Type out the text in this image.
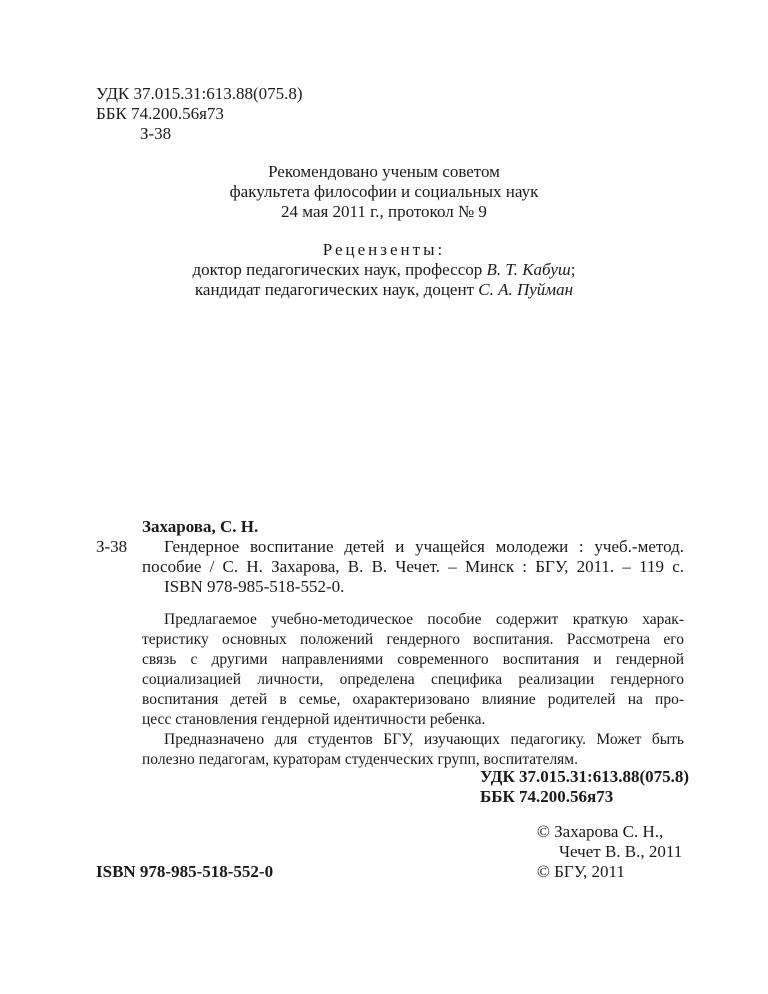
УДК 37.015.31:613.88(075.8)
ББК 74.200.56я73
З-38
Рекомендовано ученым советом
факультета философии и социальных наук
24 мая 2011 г., протокол № 9
Рецензенты:
доктор педагогических наук, профессор В. Т. Кабуш;
кандидат педагогических наук, доцент С. А. Пуйман
Захарова, С. Н.
З-38 Гендерное воспитание детей и учащейся молодежи : учеб.-метод.
пособие / С. Н. Захарова, В. В. Чечет. – Минск : БГУ, 2011. – 119 с.
ISBN 978-985-518-552-0.
Предлагаемое учебно-методическое пособие содержит краткую харак-
теристику основных положений гендерного воспитания. Рассмотрена его
связь с другими направлениями современного воспитания и гендерной
социализацией личности, определена специфика реализации гендерного
воспитания детей в семье, охарактеризовано влияние родителей на про-
цесс становления гендерной идентичности ребенка.
Предназначено для студентов БГУ, изучающих педагогику. Может быть
полезно педагогам, кураторам студенческих групп, воспитателям.
УДК 37.015.31:613.88(075.8)
ББК 74.200.56я73
© Захарова С. Н.,
Чечет В. В., 2011
© БГУ, 2011
ISBN 978-985-518-552-0
